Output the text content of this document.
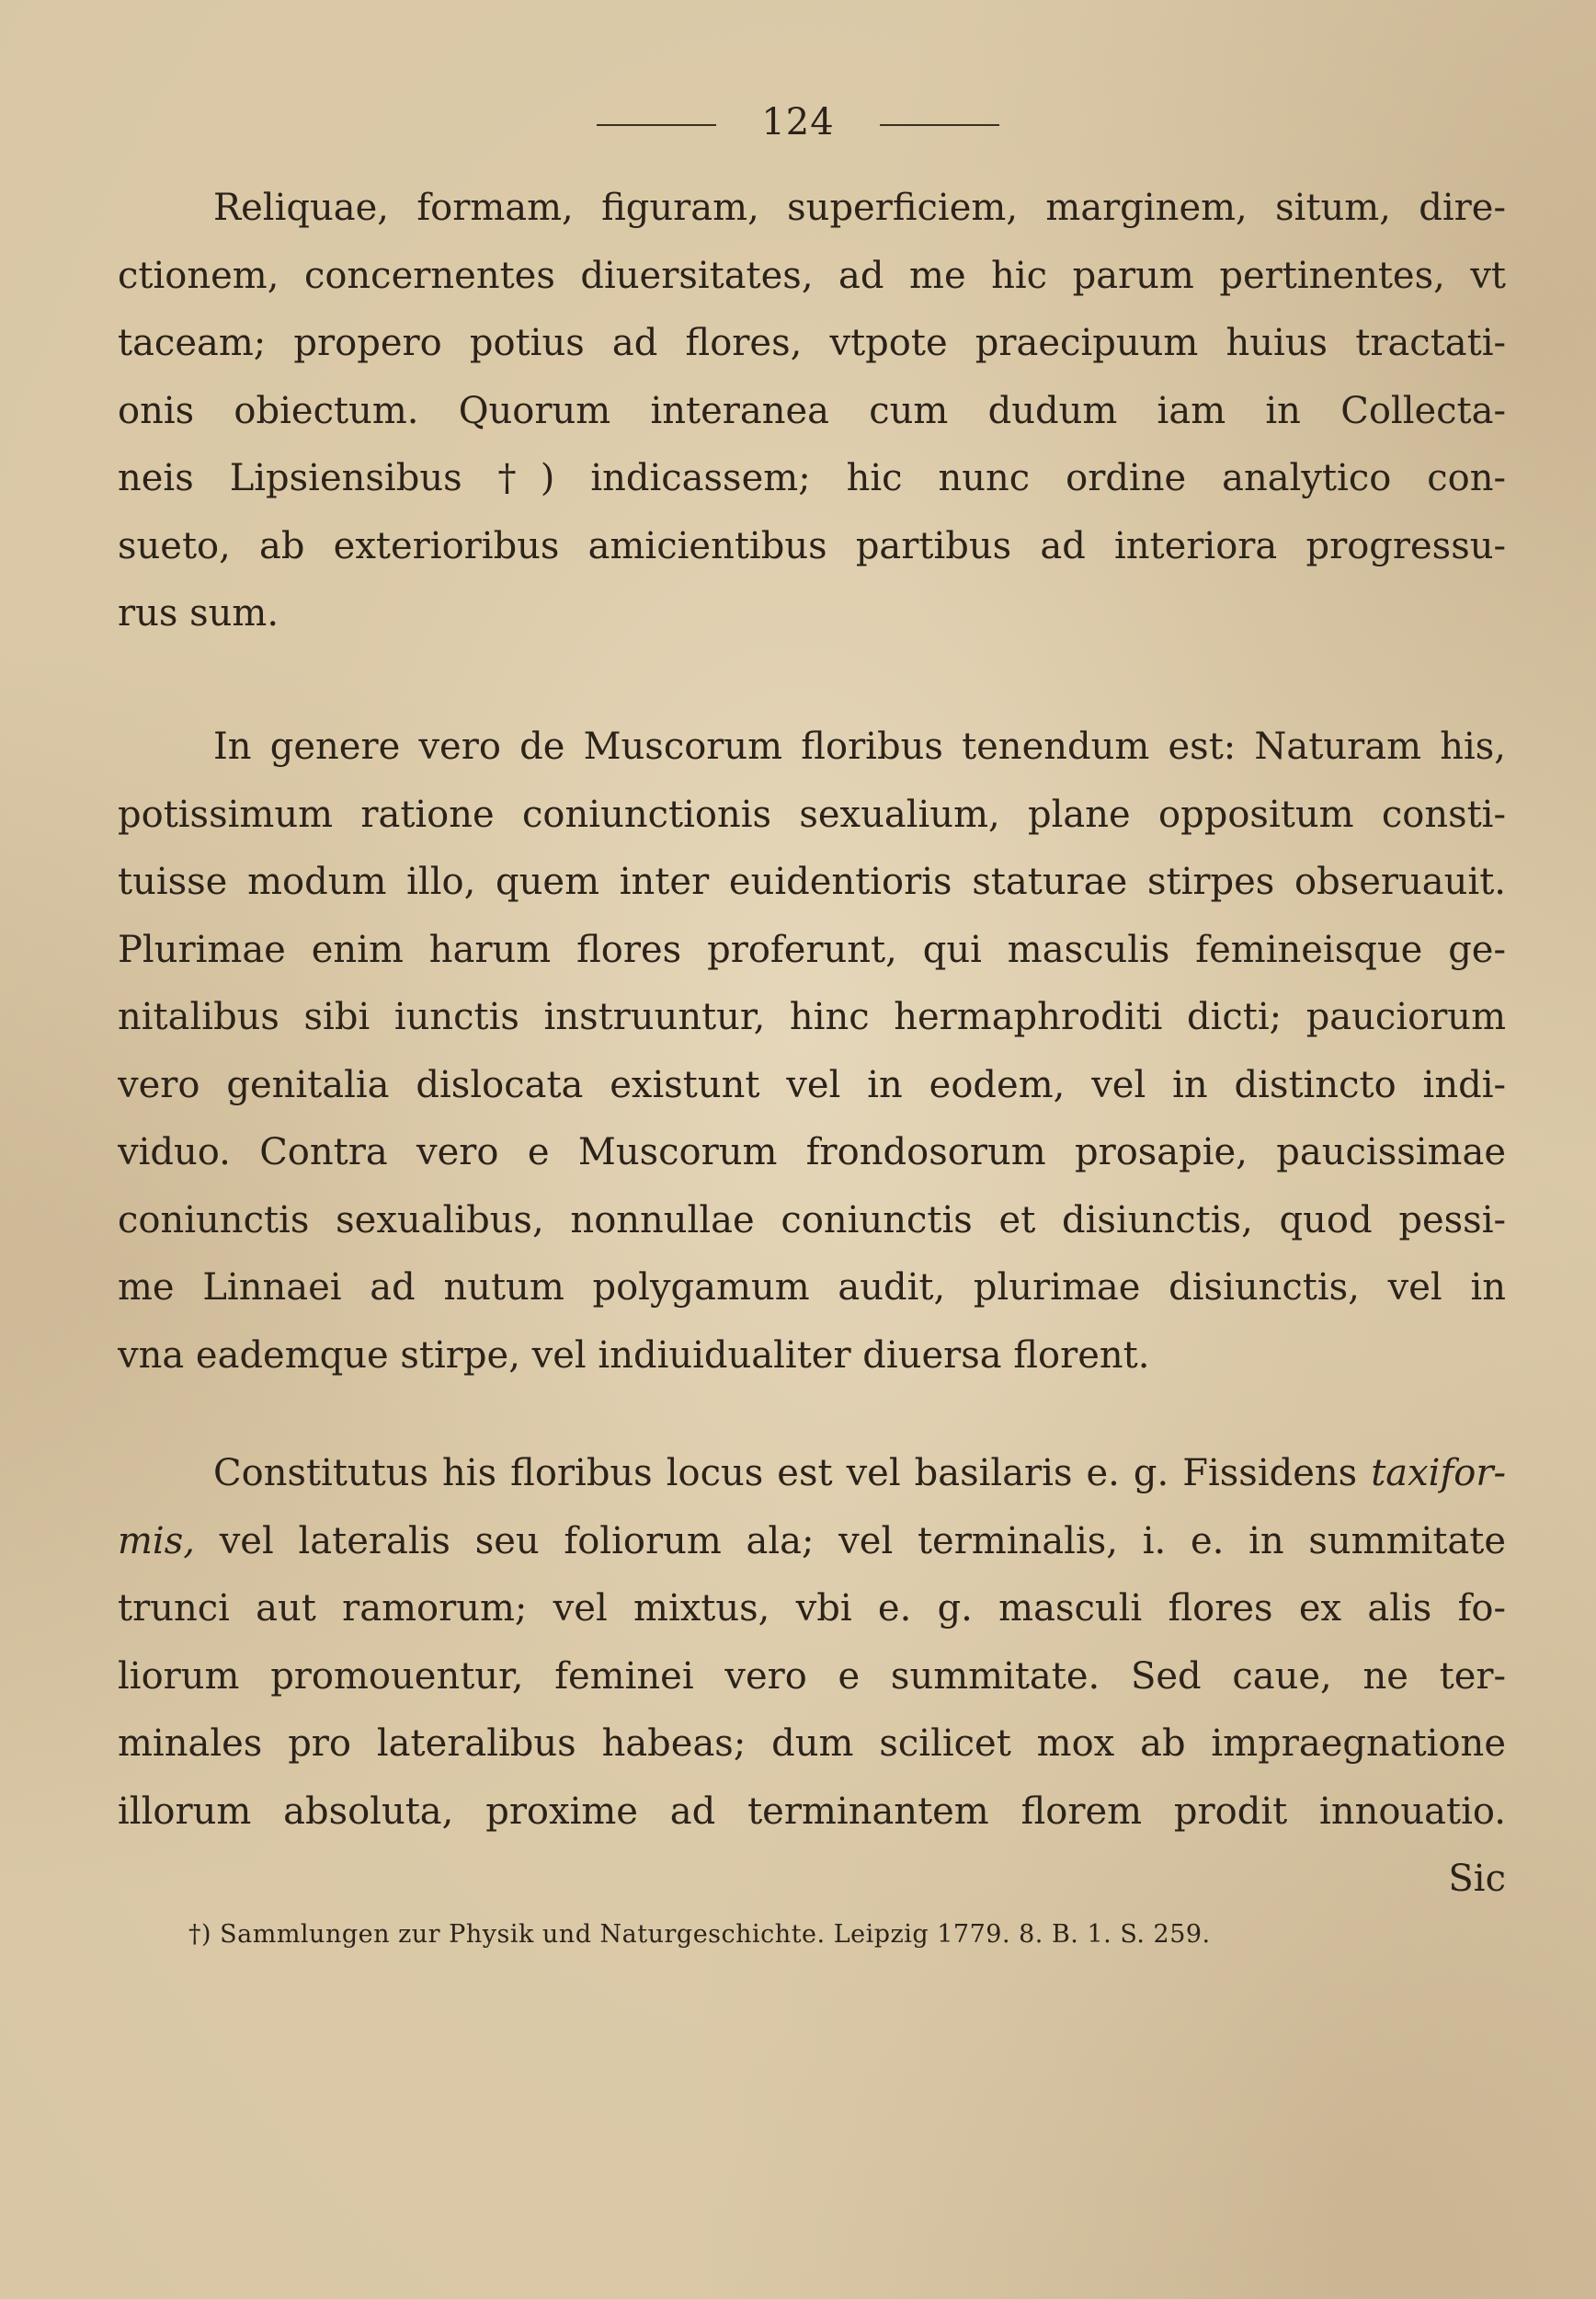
124
Reliquae, formam, figuram, superficiem, marginem, situm, dire-
ctionem, concernentes diuersitates, ad me hic parum pertinentes, vt
taceam; propero potius ad flores, vtpote praecipuum huius tractati-
onis obiectum. Quorum interanea cum dudum iam in Collecta-
neis Lipsiensibus †) indicassem; hic nunc ordine analytico con-
sueto, ab exterioribus amicientibus partibus ad interiora progressu-
rus sum.
In genere vero de Muscorum floribus tenendum est: Naturam his,
potissimum ratione coniunctionis sexualium, plane oppositum consti-
tuisse modum illo, quem inter euidentioris staturae stirpes obseruauit.
Plurimae enim harum flores proferunt, qui masculis femineisque ge-
nitalibus sibi iunctis instruuntur, hinc hermaphroditi dicti; pauciorum
vero genitalia dislocata existunt vel in eodem, vel in distincto indi-
viduo. Contra vero e Muscorum frondosorum prosapie, paucissimae
coniunctis sexualibus, nonnullae coniunctis et disiunctis, quod pessi-
me Linnaei ad nutum polygamum audit, plurimae disiunctis, vel in
vna eademque stirpe, vel indiuidualiter diuersa florent.
Constitutus his floribus locus est vel basilaris e. g. Fissidens taxifor-
mis, vel lateralis seu foliorum ala; vel terminalis, i. e. in summitate
trunci aut ramorum; vel mixtus, vbi e. g. masculi flores ex alis fo-
liorum promouentur, feminei vero e summitate. Sed caue, ne ter-
minales pro lateralibus habeas; dum scilicet mox ab impraegnatione
illorum absoluta, proxime ad terminantem florem prodit innouatio.
Sic
†) Sammlungen zur Physik und Naturgeschichte. Leipzig 1779. 8. B. 1. S. 259.
